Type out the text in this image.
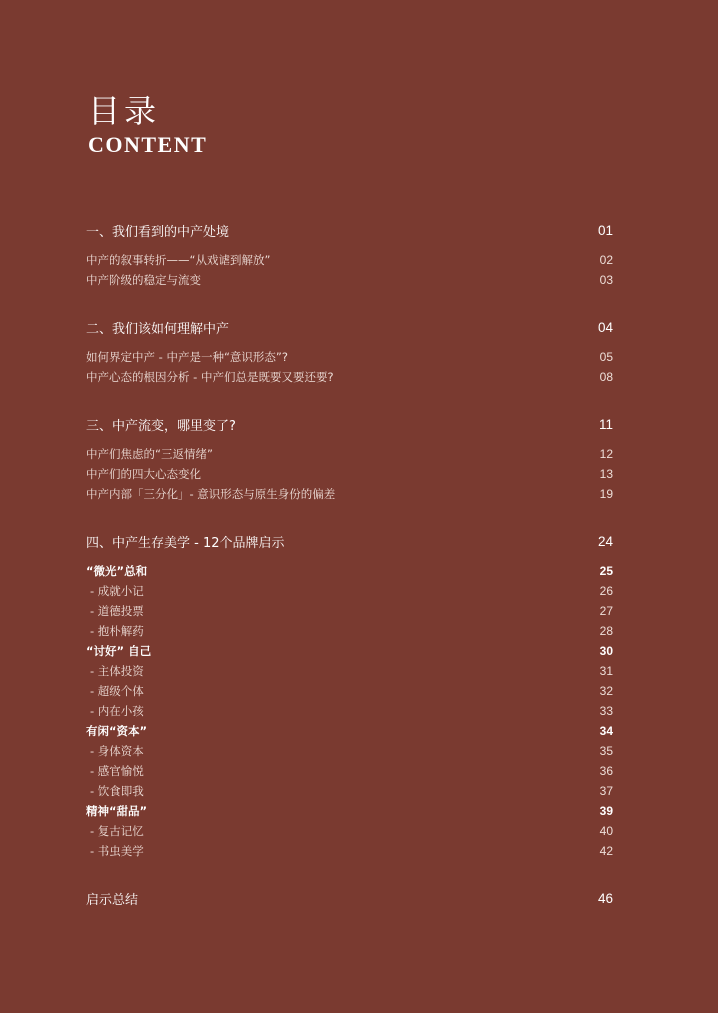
目录
CONTENT
一、我们看到的中产处境	01
中产的叙事转折——“从戏谑到解放”	02
中产阶级的稳定与流变	03
二、我们该如何理解中产	04
如何界定中产 - 中产是一种“意识形态”?	05
中产心态的根因分析 - 中产们总是既要又要还要?	08
三、中产流变，哪里变了?	11
中产们焦虑的“三返情绪”	12
中产们的四大心态变化	13
中产内部「三分化」- 意识形态与原生身份的偏差	19
四、中产生存美学 - 12个品牌启示	24
“微光”总和	25
- 成就小记	26
- 道德投票	27
- 抱朴解药	28
“讨好” 自己	30
- 主体投资	31
- 超级个体	32
- 内在小孩	33
有闲“资本”	34
- 身体资本	35
- 感官愉悦	36
- 饮食即我	37
精神“甜品”	39
- 复古记忆	40
- 书虫美学	42
启示总结	46
